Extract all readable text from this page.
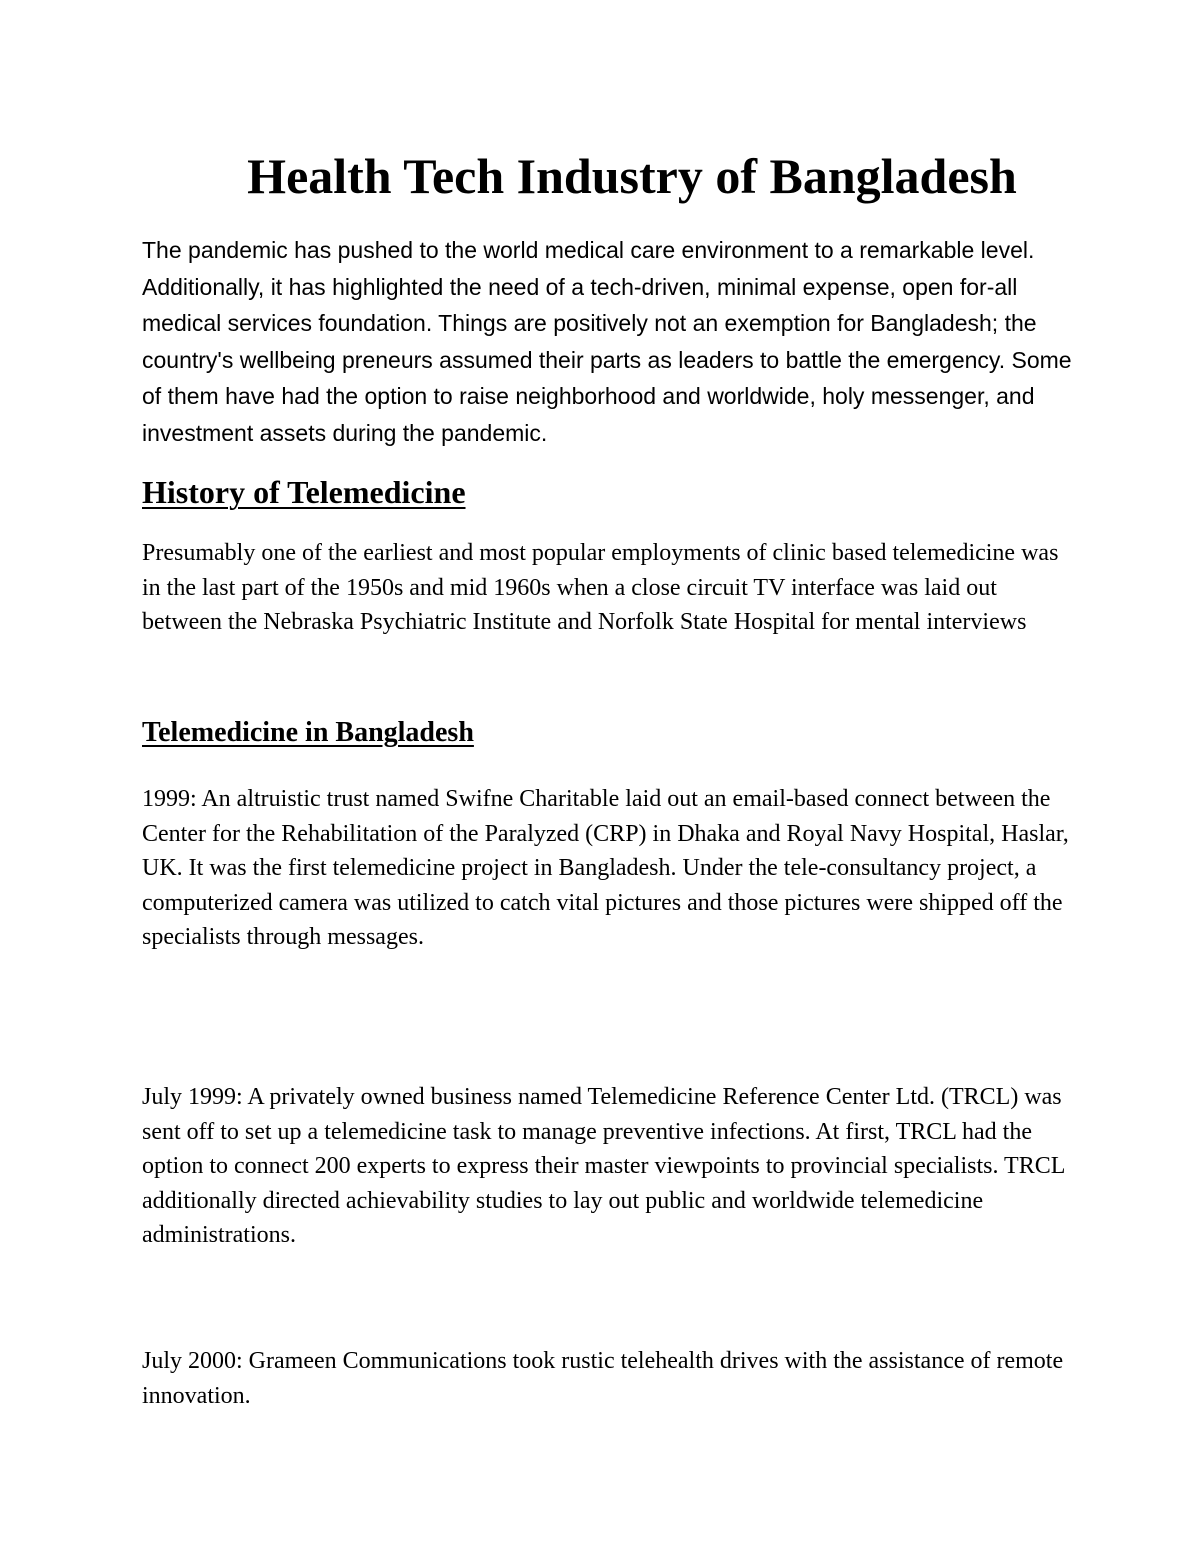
Health Tech Industry of Bangladesh

The pandemic has pushed to the world medical care environment to a remarkable level. Additionally, it has highlighted the need of a tech-driven, minimal expense, open for-all medical services foundation. Things are positively not an exemption for Bangladesh; the country's wellbeing preneurs assumed their parts as leaders to battle the emergency. Some of them have had the option to raise neighborhood and worldwide, holy messenger, and investment assets during the pandemic.

History of Telemedicine

Presumably one of the earliest and most popular employments of clinic based telemedicine was in the last part of the 1950s and mid 1960s when a close circuit TV interface was laid out between the Nebraska Psychiatric Institute and Norfolk State Hospital for mental interviews

Telemedicine in Bangladesh

1999: An altruistic trust named Swifne Charitable laid out an email-based connect between the Center for the Rehabilitation of the Paralyzed (CRP) in Dhaka and Royal Navy Hospital, Haslar, UK. It was the first telemedicine project in Bangladesh. Under the tele-consultancy project, a computerized camera was utilized to catch vital pictures and those pictures were shipped off the specialists through messages.

July 1999: A privately owned business named Telemedicine Reference Center Ltd. (TRCL) was sent off to set up a telemedicine task to manage preventive infections. At first, TRCL had the option to connect 200 experts to express their master viewpoints to provincial specialists. TRCL additionally directed achievability studies to lay out public and worldwide telemedicine administrations.

July 2000: Grameen Communications took rustic telehealth drives with the assistance of remote innovation.
